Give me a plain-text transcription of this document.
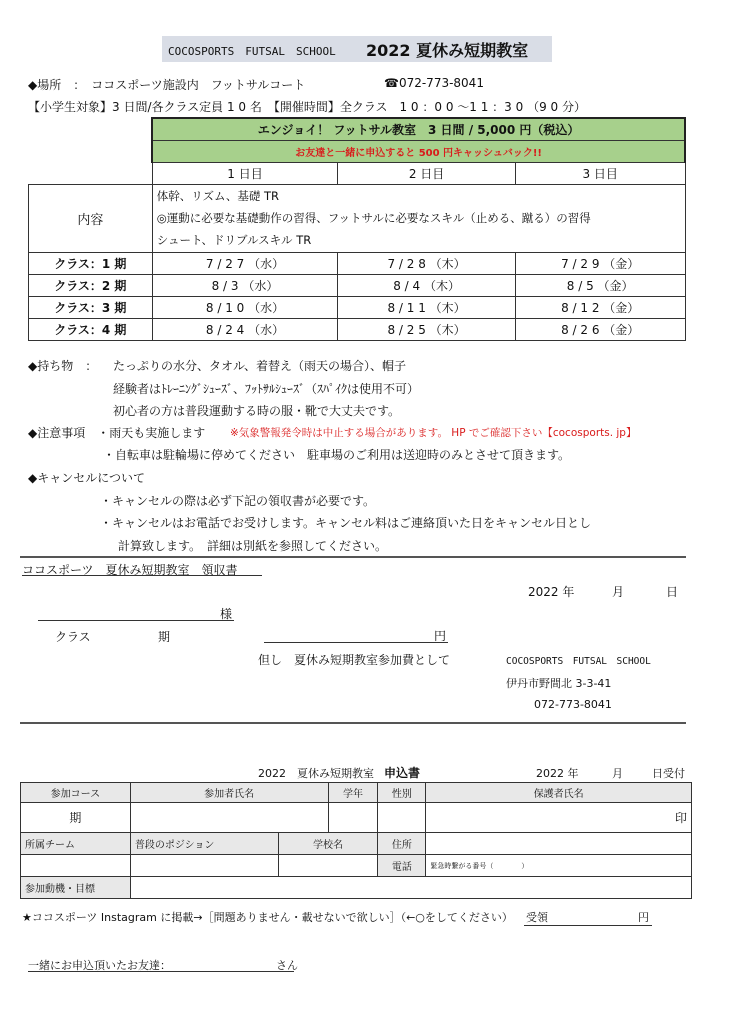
COCOSPORTS　FUTSAL　SCHOOL 2022 夏休み短期教室
◆場所　：　ココスポーツ施設内　フットサルコート	☎072-773-8041
【小学生対象】3 日間/各クラス定員 1 0 名　【開催時間】全クラス　1 0 ：0 0 ～1 1 ：3 0 （9 0 分）
	エンジョイ！ フットサル教室　3 日間 / 5,000 円（税込）		
	お友達と一緒に申込すると 500 円キャッシュバック!!		
	1 日目	2 日目	3 日目
内容	体幹、リズム、基礎 TR
◎運動に必要な基礎動作の習得、フットサルに必要なスキル（止める、蹴る）の習得
シュート、ドリブルスキル TR		

クラス：1 期	7 / 2 7 （水）	7 / 2 8 （木）	7 / 2 9 （金）
クラス：2 期	8 / 3 （水）	8 / 4 （木）	8 / 5 （金）
クラス：3 期	8 / 1 0 （水）	8 / 1 1 （木）	8 / 1 2 （金）
クラス：4 期	8 / 2 4 （水）	8 / 2 5 （木）	8 / 2 6 （金）
◆持ち物　： たっぷりの水分、タオル、着替え（雨天の場合）、帽子
経験者はﾄﾚｰﾆﾝｸﾞｼｭｰｽﾞ、ﾌｯﾄｻﾙｼｭｰｽﾞ（ｽﾊﾟｲｸは使用不可）
初心者の方は普段運動する時の服・靴で大丈夫です。
◆注意事項　・雨天も実施します ※気象警報発令時は中止する場合があります。 HP でご確認下さい【cocosports. jp】
・自転車は駐輪場に停めてください　駐車場のご利用は送迎時のみとさせて頂きます。
◆キャンセルについて
・キャンセルの際は必ず下記の領収書が必要です。
・キャンセルはお電話でお受けします。キャンセル料はご連絡頂いた日をキャンセル日とし
計算致します。　詳細は別紙を参照してください。
ココスポーツ　夏休み短期教室　領収書
2022 年	月	日
様
クラス	期	円
但し　夏休み短期教室参加費として	COCOSPORTS　FUTSAL　SCHOOL
伊丹市野間北 3-3-41
072-773-8041
2022　夏休み短期教室 申込書	2022 年	月	日受付
参加コース	参加者氏名		学年	性別	保護者氏名
期					印
所属チーム	普段のポジション	学校名		住所	
				電話	緊急時繋がる番号（　　　　）
参加動機・目標					
★ココスポーツ Instagram に掲載→［問題ありません・載せないで欲しい］（←○をしてください） 受領	円
一緒にお申込頂いたお友達：	さん
